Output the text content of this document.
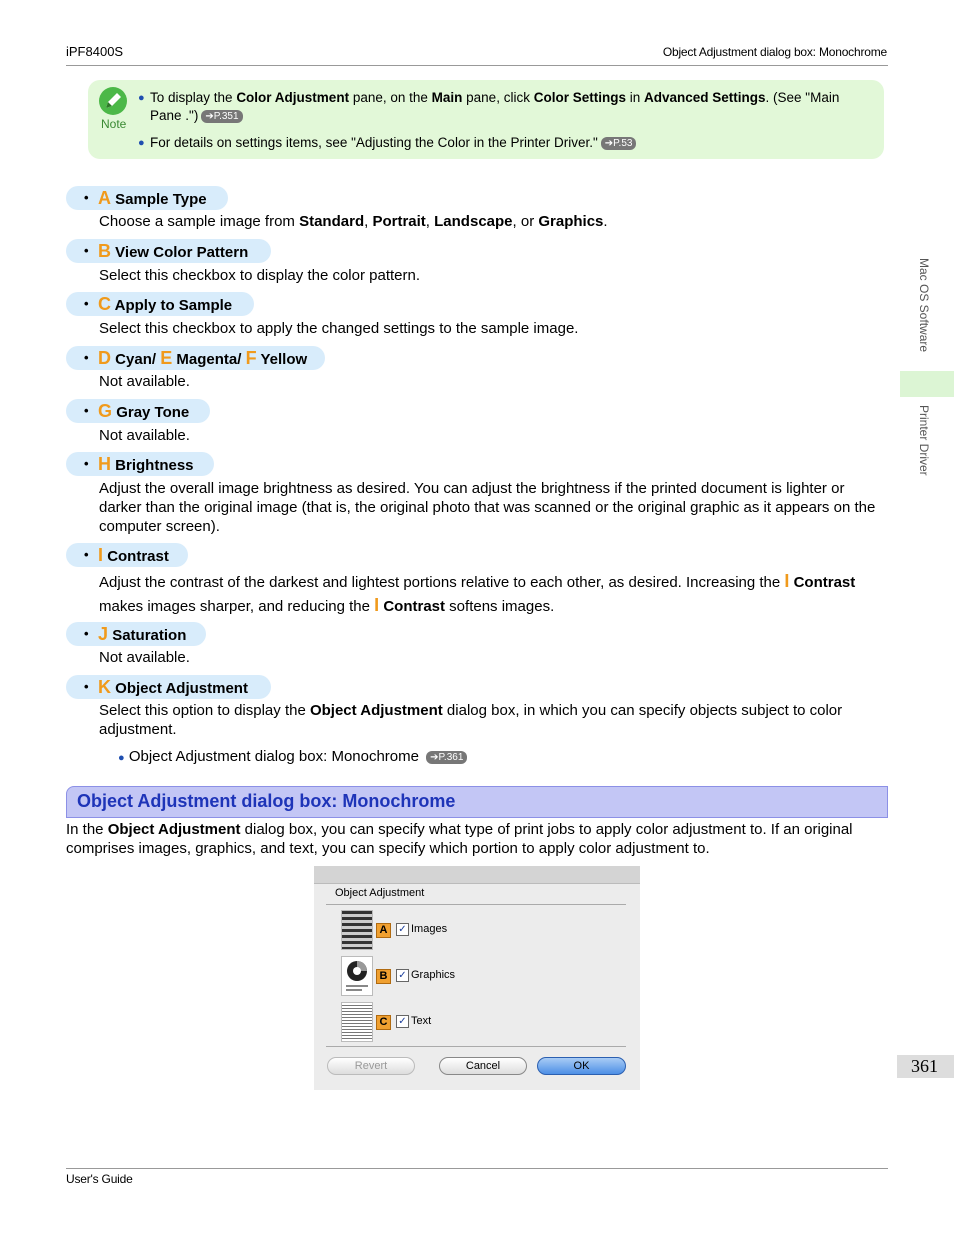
iPF8400S	Object Adjustment dialog box: Monochrome
Note
● To display the Color Adjustment pane, on the Main pane, click Color Settings in Advanced Settings. (See "Main Pane .") ➔P.351
● For details on settings items, see "Adjusting the Color in the Printer Driver." ➔P.53
• A Sample Type
Choose a sample image from Standard, Portrait, Landscape, or Graphics.
• B View Color Pattern
Select this checkbox to display the color pattern.
• C Apply to Sample
Select this checkbox to apply the changed settings to the sample image.
• D Cyan/ E Magenta/ F Yellow
Not available.
• G Gray Tone
Not available.
• H Brightness
Adjust the overall image brightness as desired. You can adjust the brightness if the printed document is lighter or darker than the original image (that is, the original photo that was scanned or the original graphic as it appears on the computer screen).
• I Contrast
Adjust the contrast of the darkest and lightest portions relative to each other, as desired. Increasing the I Contrast
makes images sharper, and reducing the I Contrast softens images.
• J Saturation
Not available.
• K Object Adjustment
Select this option to display the Object Adjustment dialog box, in which you can specify objects subject to color adjustment.
● Object Adjustment dialog box: Monochrome ➔P.361
Object Adjustment dialog box: Monochrome
In the Object Adjustment dialog box, you can specify what type of print jobs to apply color adjustment to. If an original comprises images, graphics, and text, you can specify which portion to apply color adjustment to.
Object Adjustment
A	✓ Images
B	✓ Graphics
C	✓ Text
Revert	Cancel	OK
Mac OS Software
Printer Driver
361
User's Guide
